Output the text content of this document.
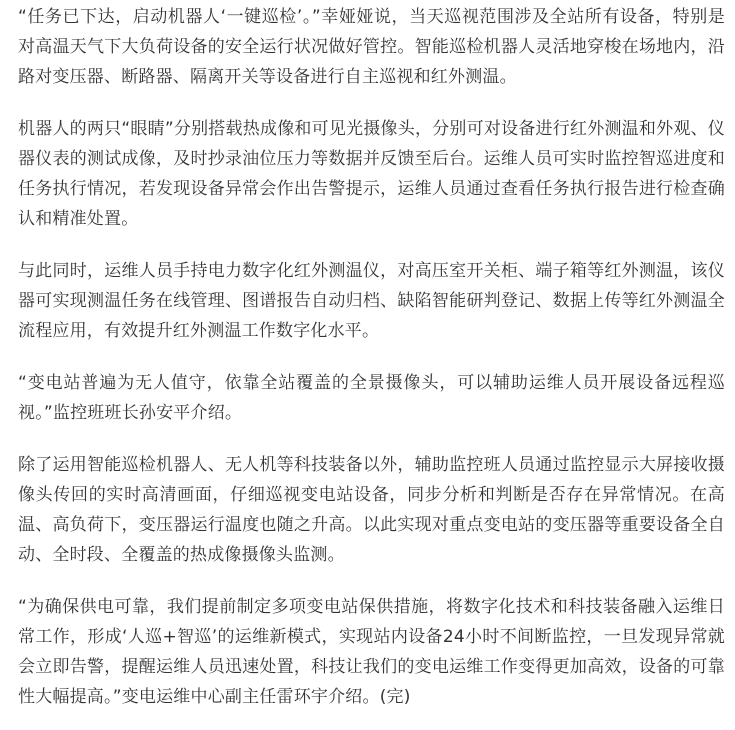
“任务已下达，启动机器人‘一键巡检’。”幸娅娅说，当天巡视范围涉及全站所有设备，特别是对高温天气下大负荷设备的安全运行状况做好管控。智能巡检机器人灵活地穿梭在场地内，沿路对变压器、断路器、隔离开关等设备进行自主巡视和红外测温。

机器人的两只“眼睛”分别搭载热成像和可见光摄像头，分别可对设备进行红外测温和外观、仪器仪表的测试成像，及时抄录油位压力等数据并反馈至后台。运维人员可实时监控智巡进度和任务执行情况，若发现设备异常会作出告警提示，运维人员通过查看任务执行报告进行检查确认和精准处置。

与此同时，运维人员手持电力数字化红外测温仪，对高压室开关柜、端子箱等红外测温，该仪器可实现测温任务在线管理、图谱报告自动归档、缺陷智能研判登记、数据上传等红外测温全流程应用，有效提升红外测温工作数字化水平。

“变电站普遍为无人值守，依靠全站覆盖的全景摄像头，可以辅助运维人员开展设备远程巡视。”监控班班长孙安平介绍。

除了运用智能巡检机器人、无人机等科技装备以外，辅助监控班人员通过监控显示大屏接收摄像头传回的实时高清画面，仔细巡视变电站设备，同步分析和判断是否存在异常情况。在高温、高负荷下，变压器运行温度也随之升高。以此实现对重点变电站的变压器等重要设备全自动、全时段、全覆盖的热成像摄像头监测。

“为确保供电可靠，我们提前制定多项变电站保供措施，将数字化技术和科技装备融入运维日常工作，形成‘人巡+智巡’的运维新模式，实现站内设备24小时不间断监控，一旦发现异常就会立即告警，提醒运维人员迅速处置，科技让我们的变电运维工作变得更加高效，设备的可靠性大幅提高。”变电运维中心副主任雷环宇介绍。(完)
